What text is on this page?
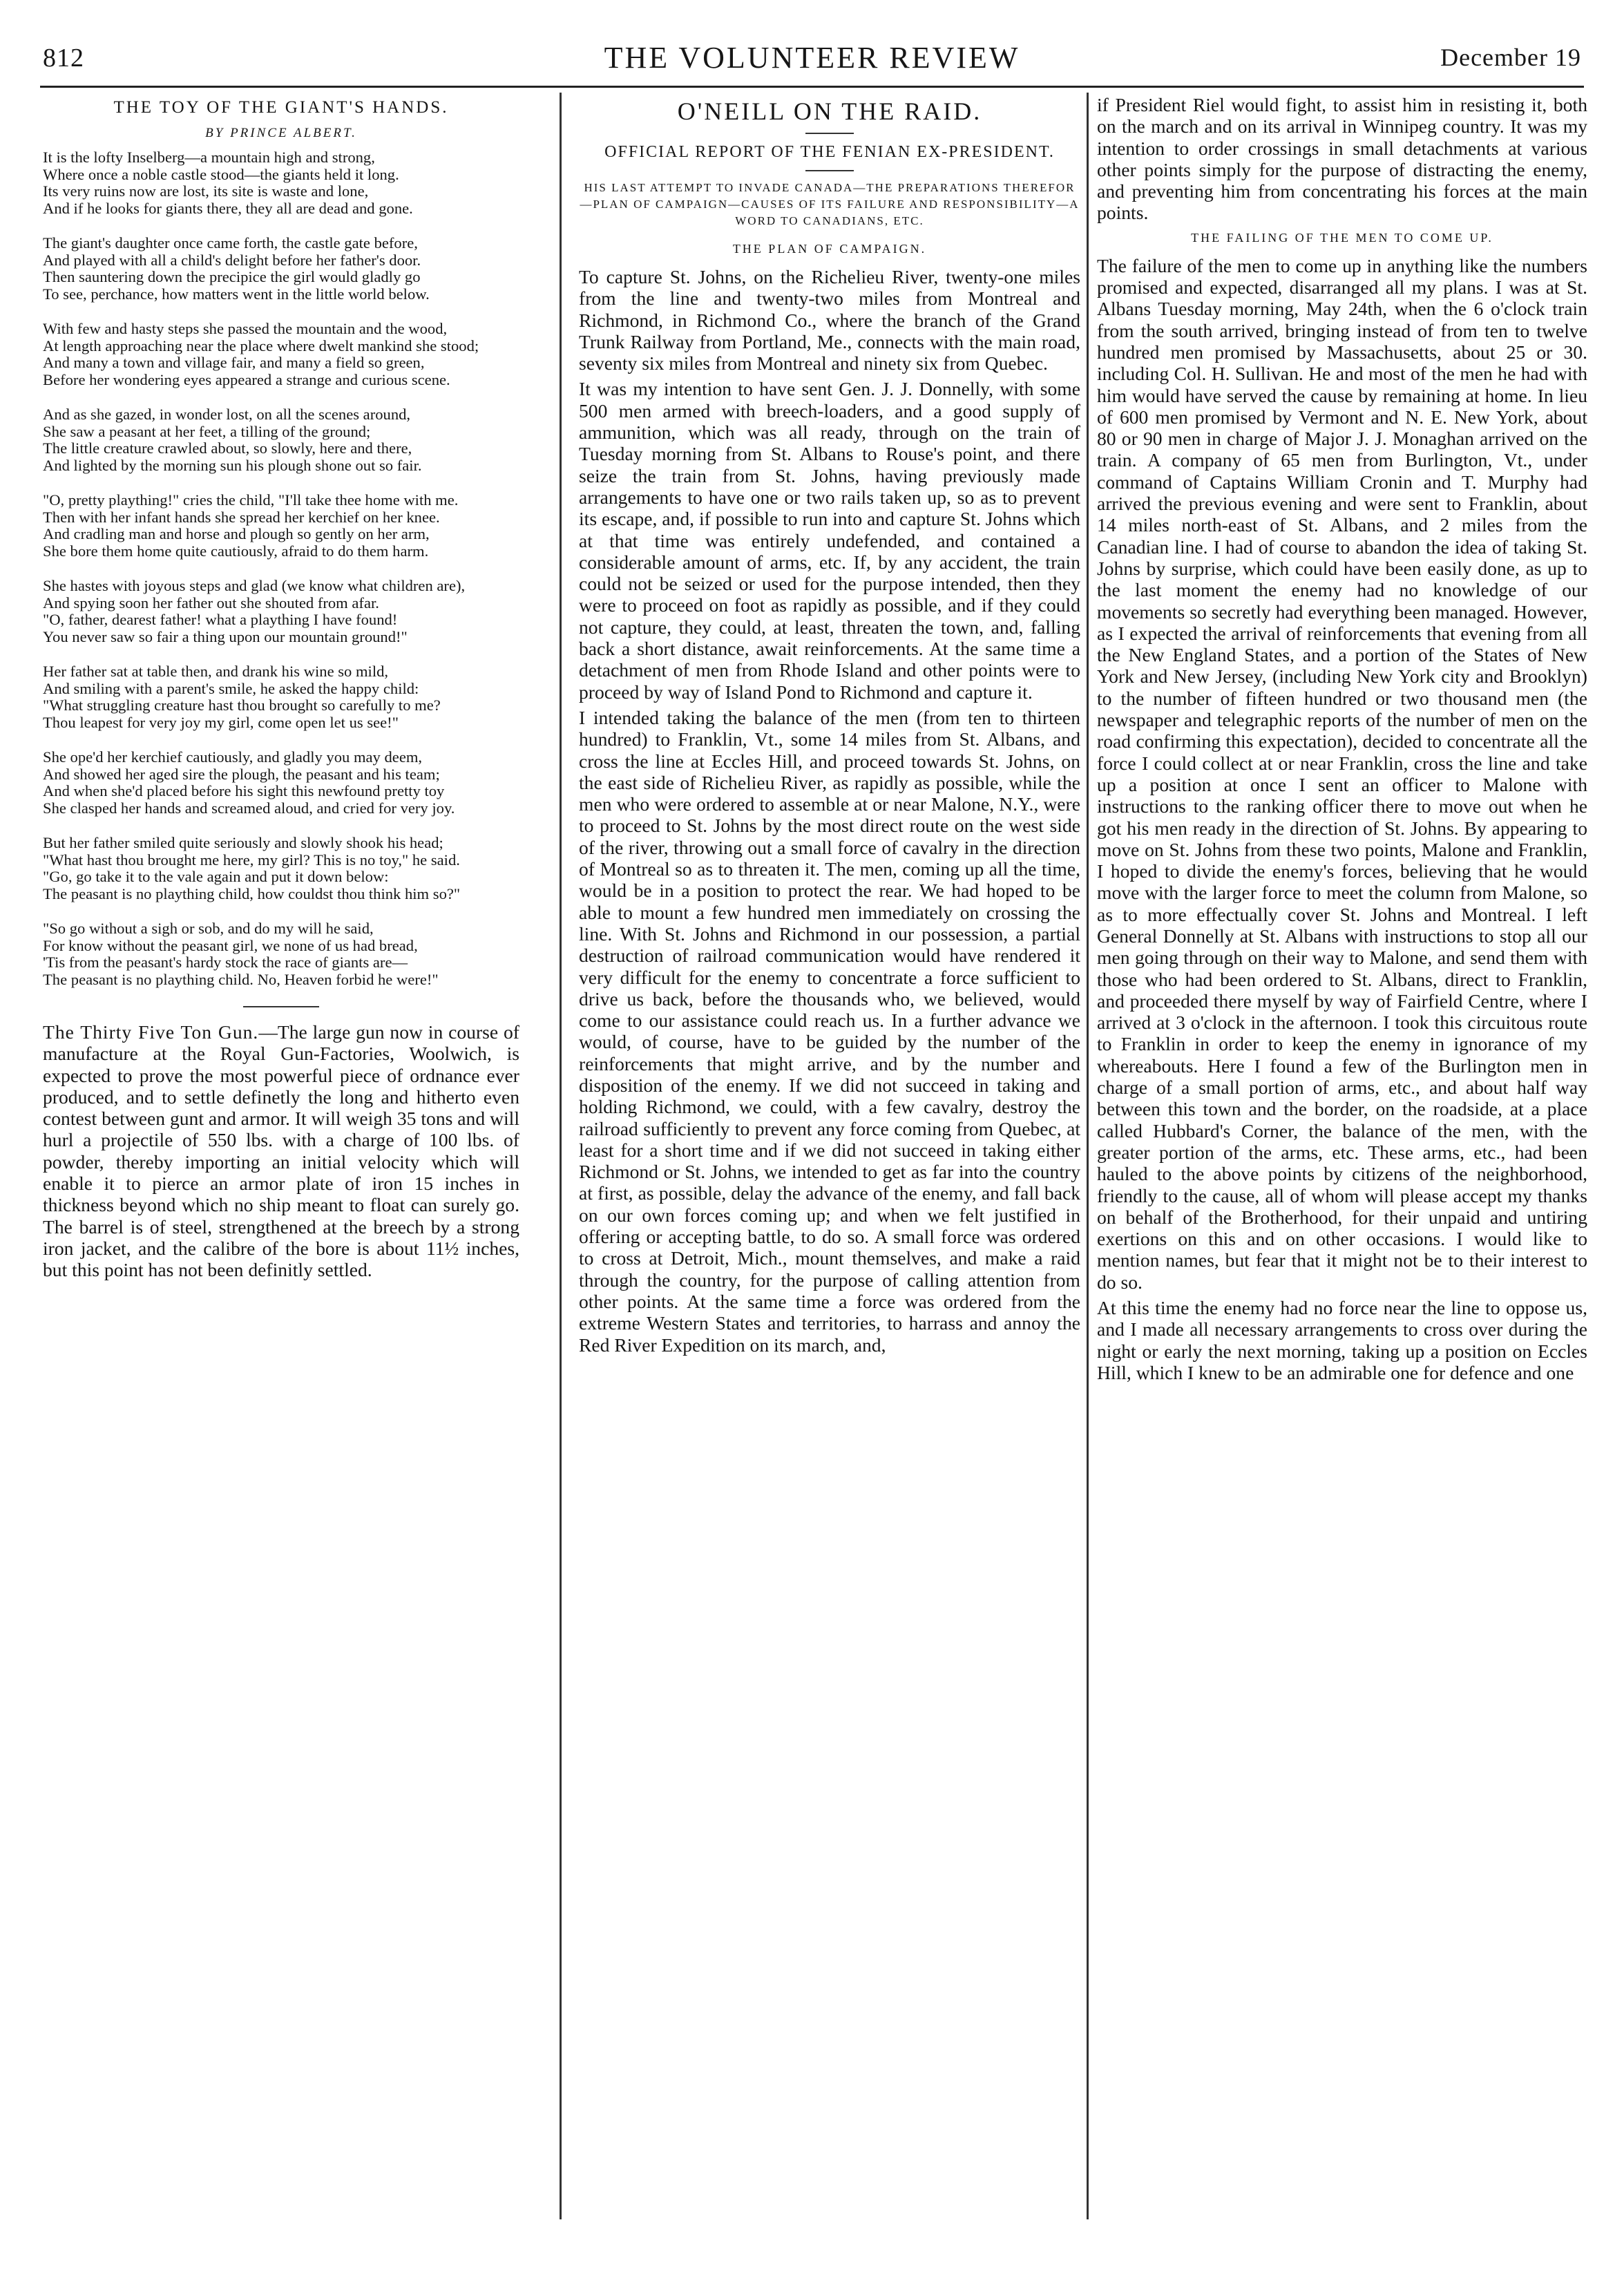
812	THE VOLUNTEER REVIEW	December 19
THE TOY OF THE GIANT'S HANDS.
BY PRINCE ALBERT.
It is the lofty Inselberg—a mountain high and strong,
Where once a noble castle stood—the giants held it long.
Its very ruins now are lost, its site is waste and lone,
And if he looks for giants there, they all are dead and gone.
The giant's daughter once came forth, the castle gate before,
And played with all a child's delight before her father's door.
Then sauntering down the precipice the girl would gladly go
To see, perchance, how matters went in the little world below.
With few and hasty steps she passed the mountain and the wood,
At length approaching near the place where dwelt mankind she stood;
And many a town and village fair, and many a field so green,
Before her wondering eyes appeared a strange and curious scene.
And as she gazed, in wonder lost, on all the scenes around,
She saw a peasant at her feet, a tilling of the ground;
The little creature crawled about, so slowly, here and there,
And lighted by the morning sun his plough shone out so fair.
"O, pretty plaything!" cries the child, "I'll take thee home with me.
Then with her infant hands she spread her kerchief on her knee.
And cradling man and horse and plough so gently on her arm,
She bore them home quite cautiously, afraid to do them harm.
She hastes with joyous steps and glad (we know what children are),
And spying soon her father out she shouted from afar.
"O, father, dearest father! what a plaything I have found!
You never saw so fair a thing upon our mountain ground!"
Her father sat at table then, and drank his wine so mild,
And smiling with a parent's smile, he asked the happy child:
"What struggling creature hast thou brought so carefully to me?
Thou leapest for very joy my girl, come open let us see!"
She ope'd her kerchief cautiously, and gladly you may deem,
And showed her aged sire the plough, the peasant and his team;
And when she'd placed before his sight this newfound pretty toy
She clasped her hands and screamed aloud, and cried for very joy.
But her father smiled quite seriously and slowly shook his head;
"What hast thou brought me here, my girl? This is no toy," he said.
"Go, go take it to the vale again and put it down below:
The peasant is no plaything child, how couldst thou think him so?"
"So go without a sigh or sob, and do my will he said,
For know without the peasant girl, we none of us had bread,
'Tis from the peasant's hardy stock the race of giants are—
The peasant is no plaything child. No, Heaven forbid he were!"

The Thirty Five Ton Gun.—The large gun now in course of manufacture at the Royal Gun-Factories, Woolwich, is expected to prove the most powerful piece of ordnance ever produced, and to settle definetly the long and hitherto even contest between gunt and armor. It will weigh 35 tons and will hurl a projectile of 550 lbs. with a charge of 100 lbs. of powder, thereby importing an initial velocity which will enable it to pierce an armor plate of iron 15 inches in thickness beyond which no ship meant to float can surely go. The barrel is of steel, strengthened at the breech by a strong iron jacket, and the calibre of the bore is about 11½ inches, but this point has not been definitly settled.

O'NEILL ON THE RAID.
OFFICIAL REPORT OF THE FENIAN EX-PRESIDENT.
HIS LAST ATTEMPT TO INVADE CANADA—THE PREPARATIONS THEREFOR—PLAN OF CAMPAIGN—CAUSES OF ITS FAILURE AND RESPONSIBILITY—A WORD TO CANADIANS, ETC.
THE PLAN OF CAMPAIGN.

To capture St. Johns, on the Richelieu River, twenty-one miles from the line and twenty-two miles from Montreal and Richmond, in Richmond Co., where the branch of the Grand Trunk Railway from Portland, Me., connects with the main road, seventy six miles from Montreal and ninety six from Quebec.

It was my intention to have sent Gen. J. J. Donnelly, with some 500 men armed with breech-loaders, and a good supply of ammunition, which was all ready, through on the train of Tuesday morning from St. Albans to Rouse's point, and there seize the train from St. Johns, having previously made arrangements to have one or two rails taken up, so as to prevent its escape, and, if possible to run into and capture St. Johns which at that time was entirely undefended, and contained a considerable amount of arms, etc. If, by any accident, the train could not be seized or used for the purpose intended, then they were to proceed on foot as rapidly as possible, and if they could not capture, they could, at least, threaten the town, and, falling back a short distance, await reinforcements. At the same time a detachment of men from Rhode Island and other points were to proceed by way of Island Pond to Richmond and capture it.

I intended taking the balance of the men (from ten to thirteen hundred) to Franklin, Vt., some 14 miles from St. Albans, and cross the line at Eccles Hill, and proceed towards St. Johns, on the east side of Richelieu River, as rapidly as possible, while the men who were ordered to assemble at or near Malone, N.Y., were to proceed to St. Johns by the most direct route on the west side of the river, throwing out a small force of cavalry in the direction of Montreal so as to threaten it. The men, coming up all the time, would be in a position to protect the rear. We had hoped to be able to mount a few hundred men immediately on crossing the line. With St. Johns and Richmond in our possession, a partial destruction of railroad communication would have rendered it very difficult for the enemy to concentrate a force sufficient to drive us back, before the thousands who, we believed, would come to our assistance could reach us. In a further advance we would, of course, have to be guided by the number of the reinforcements that might arrive, and by the number and disposition of the enemy. If we did not succeed in taking and holding Richmond, we could, with a few cavalry, destroy the railroad sufficiently to prevent any force coming from Quebec, at least for a short time and if we did not succeed in taking either Richmond or St. Johns, we intended to get as far into the country at first, as possible, delay the advance of the enemy, and fall back on our own forces coming up; and when we felt justified in offering or accepting battle, to do so. A small force was ordered to cross at Detroit, Mich., mount themselves, and make a raid through the country, for the purpose of calling attention from other points. At the same time a force was ordered from the extreme Western States and territories, to harrass and annoy the Red River Expedition on its march, and,

if President Riel would fight, to assist him in resisting it, both on the march and on its arrival in Winnipeg country. It was my intention to order crossings in small detachments at various other points simply for the purpose of distracting the enemy, and preventing him from concentrating his forces at the main points.

THE FAILING OF THE MEN TO COME UP.

The failure of the men to come up in anything like the numbers promised and expected, disarranged all my plans. I was at St. Albans Tuesday morning, May 24th, when the 6 o'clock train from the south arrived, bringing instead of from ten to twelve hundred men promised by Massachusetts, about 25 or 30. including Col. H. Sullivan. He and most of the men he had with him would have served the cause by remaining at home. In lieu of 600 men promised by Vermont and N. E. New York, about 80 or 90 men in charge of Major J. J. Monaghan arrived on the train. A company of 65 men from Burlington, Vt., under command of Captains William Cronin and T. Murphy had arrived the previous evening and were sent to Franklin, about 14 miles north-east of St. Albans, and 2 miles from the Canadian line. I had of course to abandon the idea of taking St. Johns by surprise, which could have been easily done, as up to the last moment the enemy had no knowledge of our movements so secretly had everything been managed. However, as I expected the arrival of reinforcements that evening from all the New England States, and a portion of the States of New York and New Jersey, (including New York city and Brooklyn) to the number of fifteen hundred or two thousand men (the newspaper and telegraphic reports of the number of men on the road confirming this expectation), decided to concentrate all the force I could collect at or near Franklin, cross the line and take up a position at once I sent an officer to Malone with instructions to the ranking officer there to move out when he got his men ready in the direction of St. Johns. By appearing to move on St. Johns from these two points, Malone and Franklin, I hoped to divide the enemy's forces, believing that he would move with the larger force to meet the column from Malone, so as to more effectually cover St. Johns and Montreal. I left General Donnelly at St. Albans with instructions to stop all our men going through on their way to Malone, and send them with those who had been ordered to St. Albans, direct to Franklin, and proceeded there myself by way of Fairfield Centre, where I arrived at 3 o'clock in the afternoon. I took this circuitous route to Franklin in order to keep the enemy in ignorance of my whereabouts. Here I found a few of the Burlington men in charge of a small portion of arms, etc., and about half way between this town and the border, on the roadside, at a place called Hubbard's Corner, the balance of the men, with the greater portion of the arms, etc. These arms, etc., had been hauled to the above points by citizens of the neighborhood, friendly to the cause, all of whom will please accept my thanks on behalf of the Brotherhood, for their unpaid and untiring exertions on this and on other occasions. I would like to mention names, but fear that it might not be to their interest to do so.

At this time the enemy had no force near the line to oppose us, and I made all necessary arrangements to cross over during the night or early the next morning, taking up a position on Eccles Hill, which I knew to be an admirable one for defence and one
